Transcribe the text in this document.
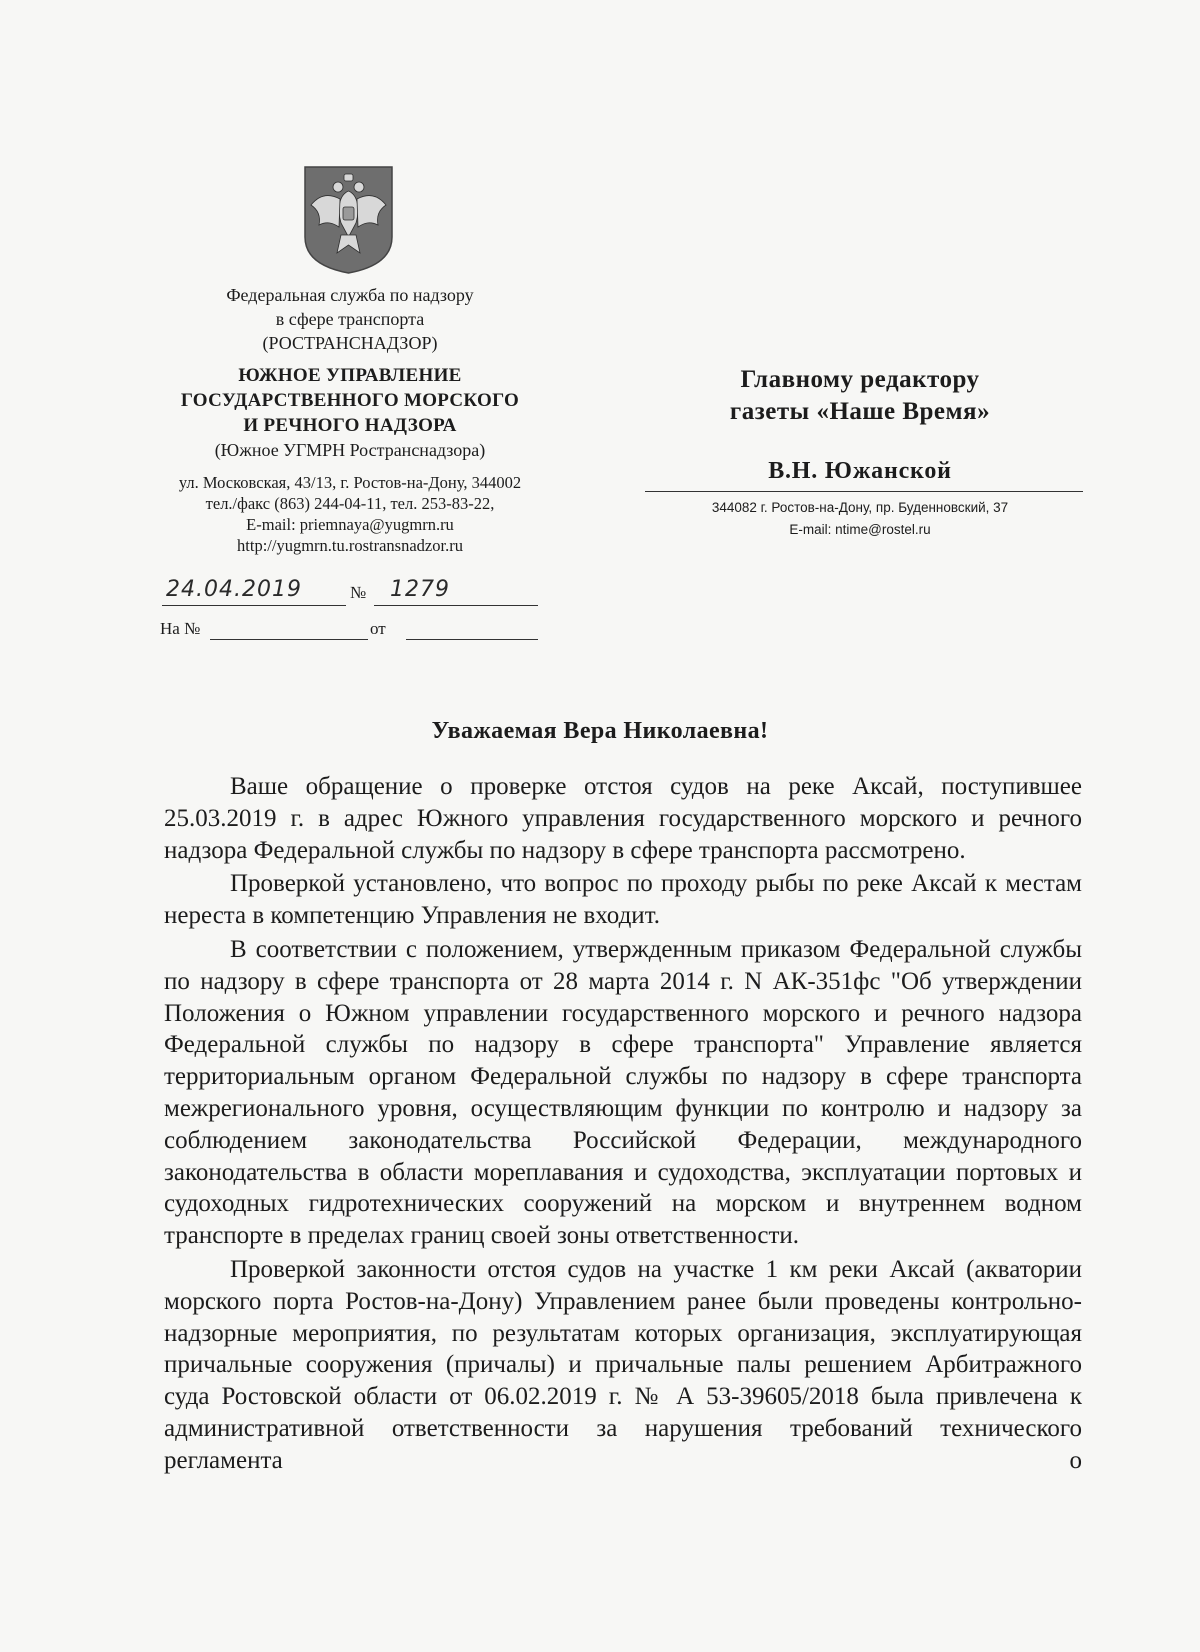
Федеральная служба по надзору
в сфере транспорта
(РОСТРАНСНАДЗОР)
ЮЖНОЕ УПРАВЛЕНИЕ
ГОСУДАРСТВЕННОГО МОРСКОГО
И РЕЧНОГО НАДЗОРА
(Южное УГМРН Ространснадзора)
ул. Московская, 43/13, г. Ростов-на-Дону, 344002
тел./факс (863) 244-04-11, тел. 253-83-22,
E-mail: priemnaya@yugmrn.ru
http://yugmrn.tu.rostransnadzor.ru
24.04.2019	№ 1279
На №	от
Главному редактору
газеты «Наше Время»
В.Н. Южанской
344082 г. Ростов-на-Дону, пр. Буденновский, 37
E-mail: ntime@rostel.ru
Уважаемая Вера Николаевна!

Ваше обращение о проверке отстоя судов на реке Аксай, поступившее 25.03.2019 г. в адрес Южного управления государственного морского и речного надзора Федеральной службы по надзору в сфере транспорта рассмотрено.

Проверкой установлено, что вопрос по проходу рыбы по реке Аксай к местам нереста в компетенцию Управления не входит.

В соответствии с положением, утвержденным приказом Федеральной службы по надзору в сфере транспорта от 28 марта 2014 г. N АК-351фс "Об утверждении Положения о Южном управлении государственного морского и речного надзора Федеральной службы по надзору в сфере транспорта" Управление является территориальным органом Федеральной службы по надзору в сфере транспорта межрегионального уровня, осуществляющим функции по контролю и надзору за соблюдением законодательства Российской Федерации, международного законодательства в области мореплавания и судоходства, эксплуатации портовых и судоходных гидротехнических сооружений на морском и внутреннем водном транспорте в пределах границ своей зоны ответственности.

Проверкой законности отстоя судов на участке 1 км реки Аксай (акватории морского порта Ростов-на-Дону) Управлением ранее были проведены контрольно-надзорные мероприятия, по результатам которых организация, эксплуатирующая причальные сооружения (причалы) и причальные палы решением Арбитражного суда Ростовской области от 06.02.2019 г. № А 53-39605/2018 была привлечена к административной ответственности за нарушения требований технического регламента о
